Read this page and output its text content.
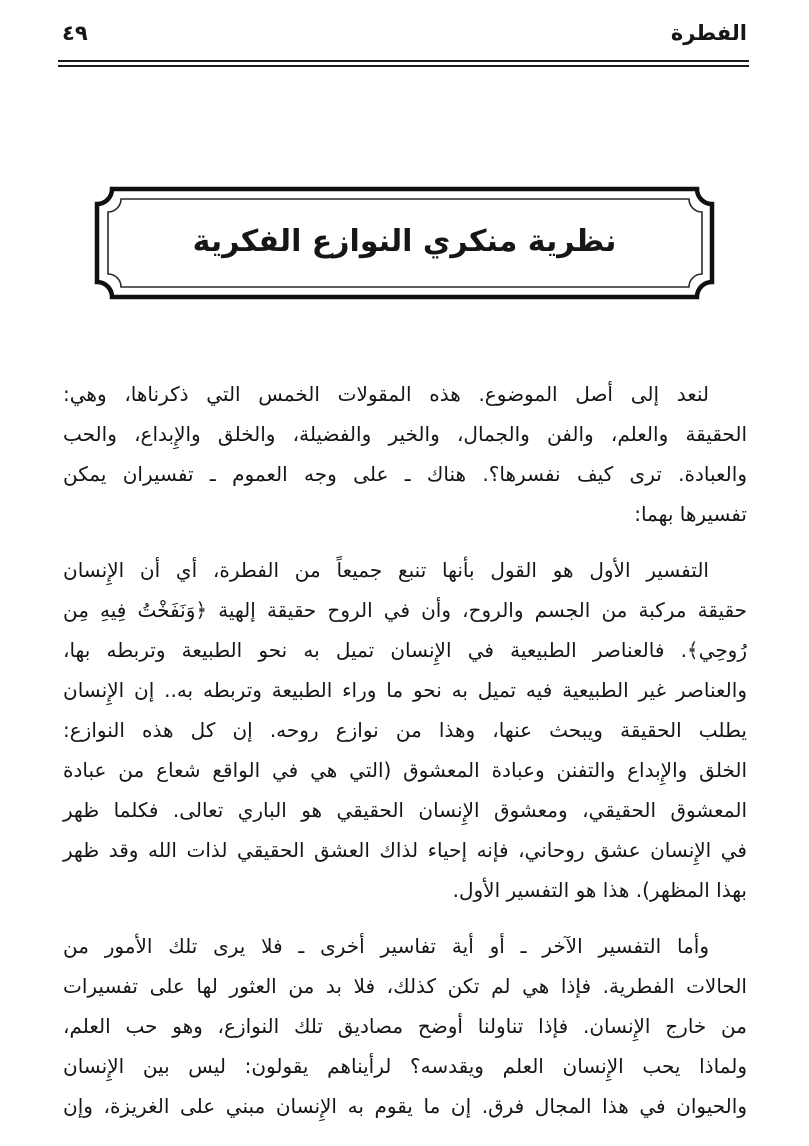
الفطرة
٤٩
نظرية منكري النوازع الفكرية
لنعد إلى أصل الموضوع. هذه المقولات الخمس التي ذكرناها، وهي:
الحقيقة والعلم، والفن والجمال، والخير والفضيلة، والخلق والإِبداع، والحب
والعبادة. ترى كيف نفسرها؟. هناك ـ على وجه العموم ـ تفسيران يمكن
تفسيرها بهما:
التفسير الأول هو القول بأنها تنبع جميعاً من الفطرة، أي أن الإِنسان
حقيقة مركبة من الجسم والروح، وأن في الروح حقيقة إلهية ﴿وَنَفَخْتُ فِيهِ مِن
رُوحِي﴾. فالعناصر الطبيعية في الإِنسان تميل به نحو الطبيعة وتربطه بها،
والعناصر غير الطبيعية فيه تميل به نحو ما وراء الطبيعة وتربطه به.. إن الإِنسان
يطلب الحقيقة ويبحث عنها، وهذا من نوازع روحه. إن كل هذه النوازع:
الخلق والإِبداع والتفنن وعبادة المعشوق (التي هي في الواقع شعاع من عبادة
المعشوق الحقيقي، ومعشوق الإِنسان الحقيقي هو الباري تعالى. فكلما ظهر
في الإِنسان عشق روحاني، فإنه إحياء لذاك العشق الحقيقي لذات الله وقد ظهر
بهذا المظهر). هذا هو التفسير الأول.
وأما التفسير الآخر ـ أو أية تفاسير أخرى ـ فلا يرى تلك الأمور من
الحالات الفطرية. فإذا هي لم تكن كذلك، فلا بد من العثور لها على تفسيرات
من خارج الإِنسان. فإذا تناولنا أوضح مصاديق تلك النوازع، وهو حب العلم،
ولماذا يحب الإِنسان العلم ويقدسه؟ لرأيناهم يقولون: ليس بين الإِنسان
والحيوان في هذا المجال فرق. إن ما يقوم به الإِنسان مبني على الغريزة، وإن
